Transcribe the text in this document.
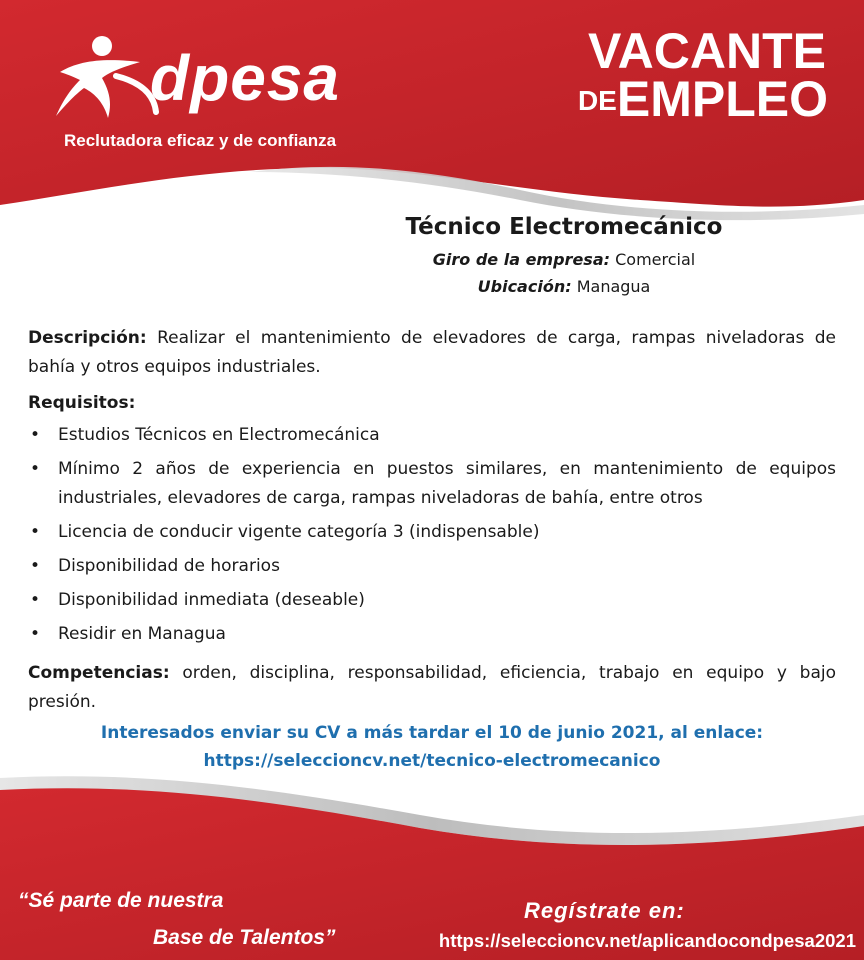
dpesa
Reclutadora eficaz y de confianza
VACANTE
DEEMPLEO
Técnico Electromecánico
Giro de la empresa: Comercial
Ubicación: Managua
Descripción: Realizar el mantenimiento de elevadores de carga, rampas niveladoras de bahía y otros equipos industriales.
Requisitos:
• Estudios Técnicos en Electromecánica
• Mínimo 2 años de experiencia en puestos similares, en mantenimiento de equipos industriales, elevadores de carga, rampas niveladoras de bahía, entre otros
• Licencia de conducir vigente categoría 3 (indispensable)
• Disponibilidad de horarios
• Disponibilidad inmediata (deseable)
• Residir en Managua
Competencias: orden, disciplina, responsabilidad, eficiencia, trabajo en equipo y bajo presión.
Interesados enviar su CV a más tardar el 10 de junio 2021, al enlace:
https://seleccioncv.net/tecnico-electromecanico
“Sé parte de nuestra
Base de Talentos”
Regístrate en:
https://seleccioncv.net/aplicandocondpesa2021
